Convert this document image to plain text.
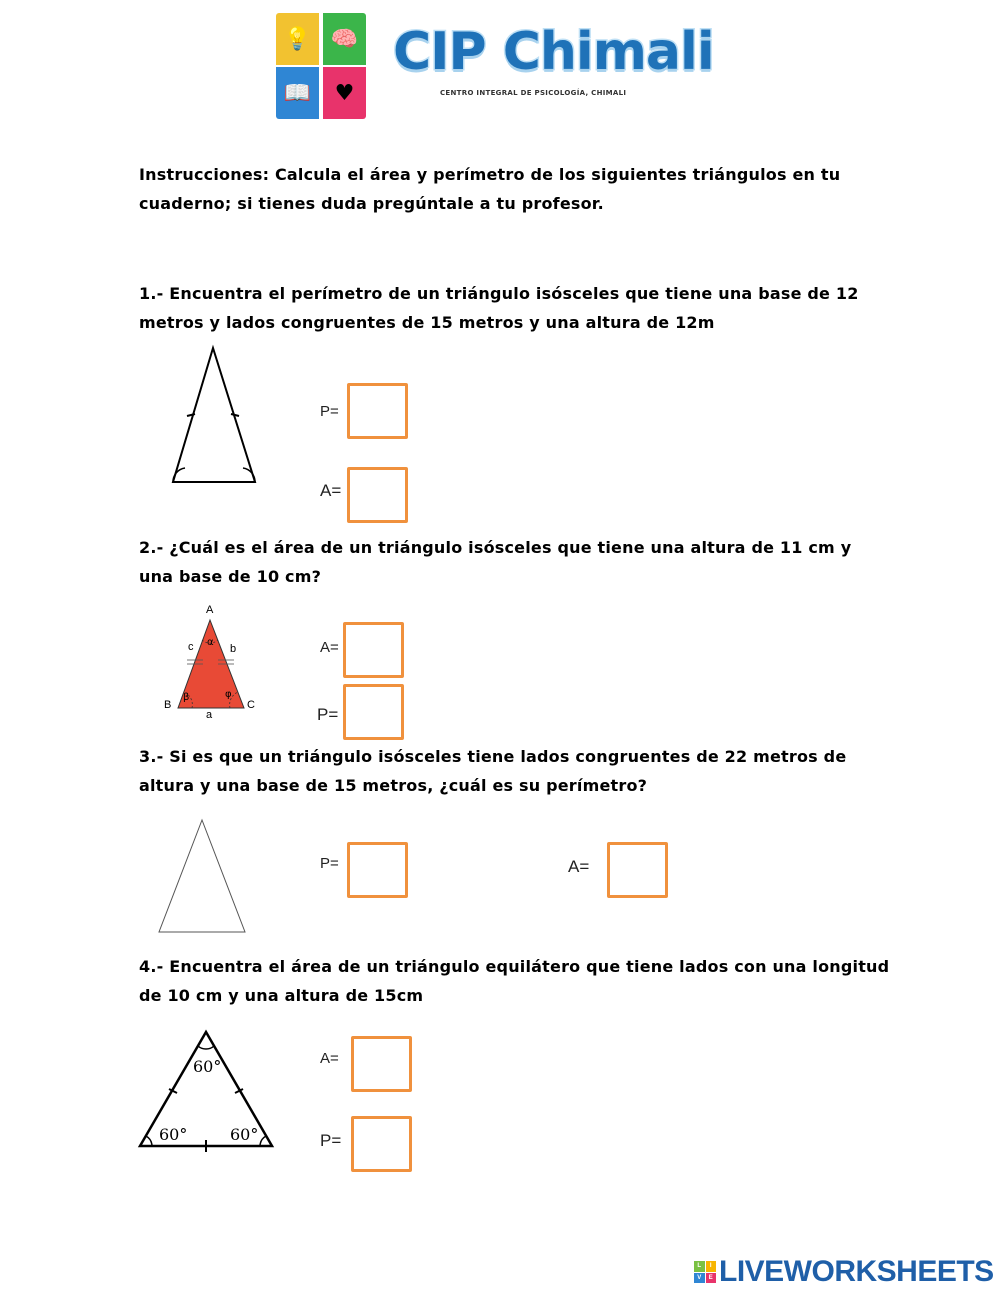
💡 🧠
📖	♥
CIP Chimali
CENTRO INTEGRAL DE PSICOLOGÍA, CHIMALI
Instrucciones: Calcula el área y perímetro de los siguientes triángulos en tu
cuaderno; si tienes duda pregúntale a tu profesor.
1.- Encuentra el perímetro de un triángulo isósceles que tiene una base de 12
metros y lados congruentes de 15 metros y una altura de 12m
P=
A=
2.- ¿Cuál es el área de un triángulo isósceles que tiene una altura de 11 cm y
una base de 10 cm?
A
B	C
a
b
c α
β	φ
A=
P=
3.- Si es que un triángulo isósceles tiene lados congruentes de 22 metros de
altura y una base de 15 metros, ¿cuál es su perímetro?
P=	A=
4.- Encuentra el área de un triángulo equilátero que tiene lados con una longitud
de 10 cm y una altura de 15cm
60°
60°	60°
A=
P=
L	I
V	E LIVEWORKSHEETS
